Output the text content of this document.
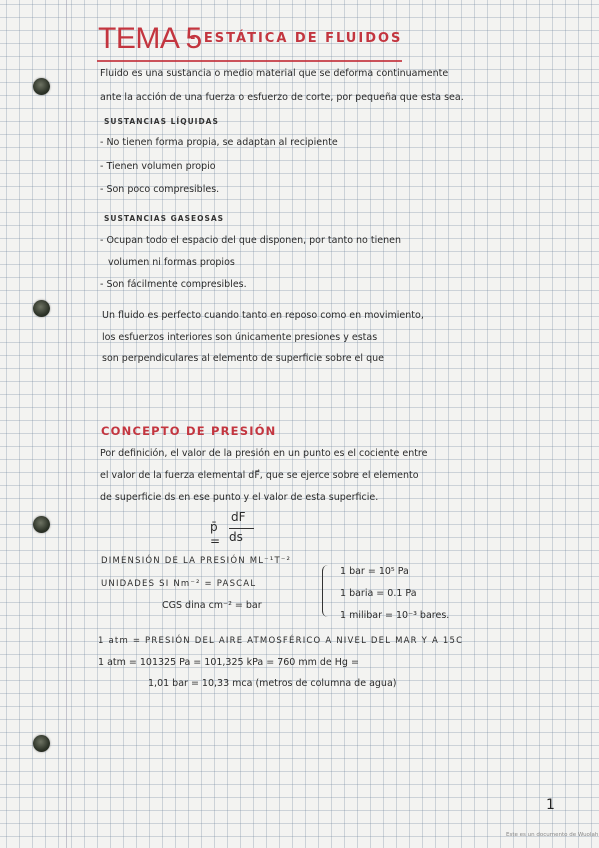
TEMA 5
- ESTÁTICA DE FLUIDOS
Fluido es una sustancia o medio material que se deforma continuamente
ante la acción de una fuerza o esfuerzo de corte, por pequeña que esta sea.
SUSTANCIAS LÍQUIDAS
- No tienen forma propia, se adaptan al recipiente
- Tienen volumen propio
- Son poco compresibles.
SUSTANCIAS GASEOSAS
- Ocupan todo el espacio del que disponen, por tanto no tienen
volumen ni formas propios
- Son fácilmente compresibles.
Un fluido es perfecto cuando tanto en reposo como en movimiento,
los esfuerzos interiores son únicamente presiones y estas
son perpendiculares al elemento de superficie sobre el que
CONCEPTO DE PRESIÓN
Por definición, el valor de la presión en un punto es el cociente entre
el valor de la fuerza elemental dF⃗, que se ejerce sobre el elemento
de superficie ds en ese punto y el valor de esta superficie.
p̄ =
dF
ds
DIMENSIÓN DE LA PRESIÓN ML⁻¹T⁻²
UNIDADES SI Nm⁻² = PASCAL
CGS dina cm⁻² = bar
1 bar = 10⁵ Pa
1 baria = 0.1 Pa
1 milibar = 10⁻³ bares.
1 atm = PRESIÓN DEL AIRE ATMOSFÉRICO A NIVEL DEL MAR Y A 15C
1 atm = 101325 Pa = 101,325 kPa = 760 mm de Hg =
1,01 bar = 10,33 mca (metros de columna de agua)
1
Este es un documento de Wuolah
